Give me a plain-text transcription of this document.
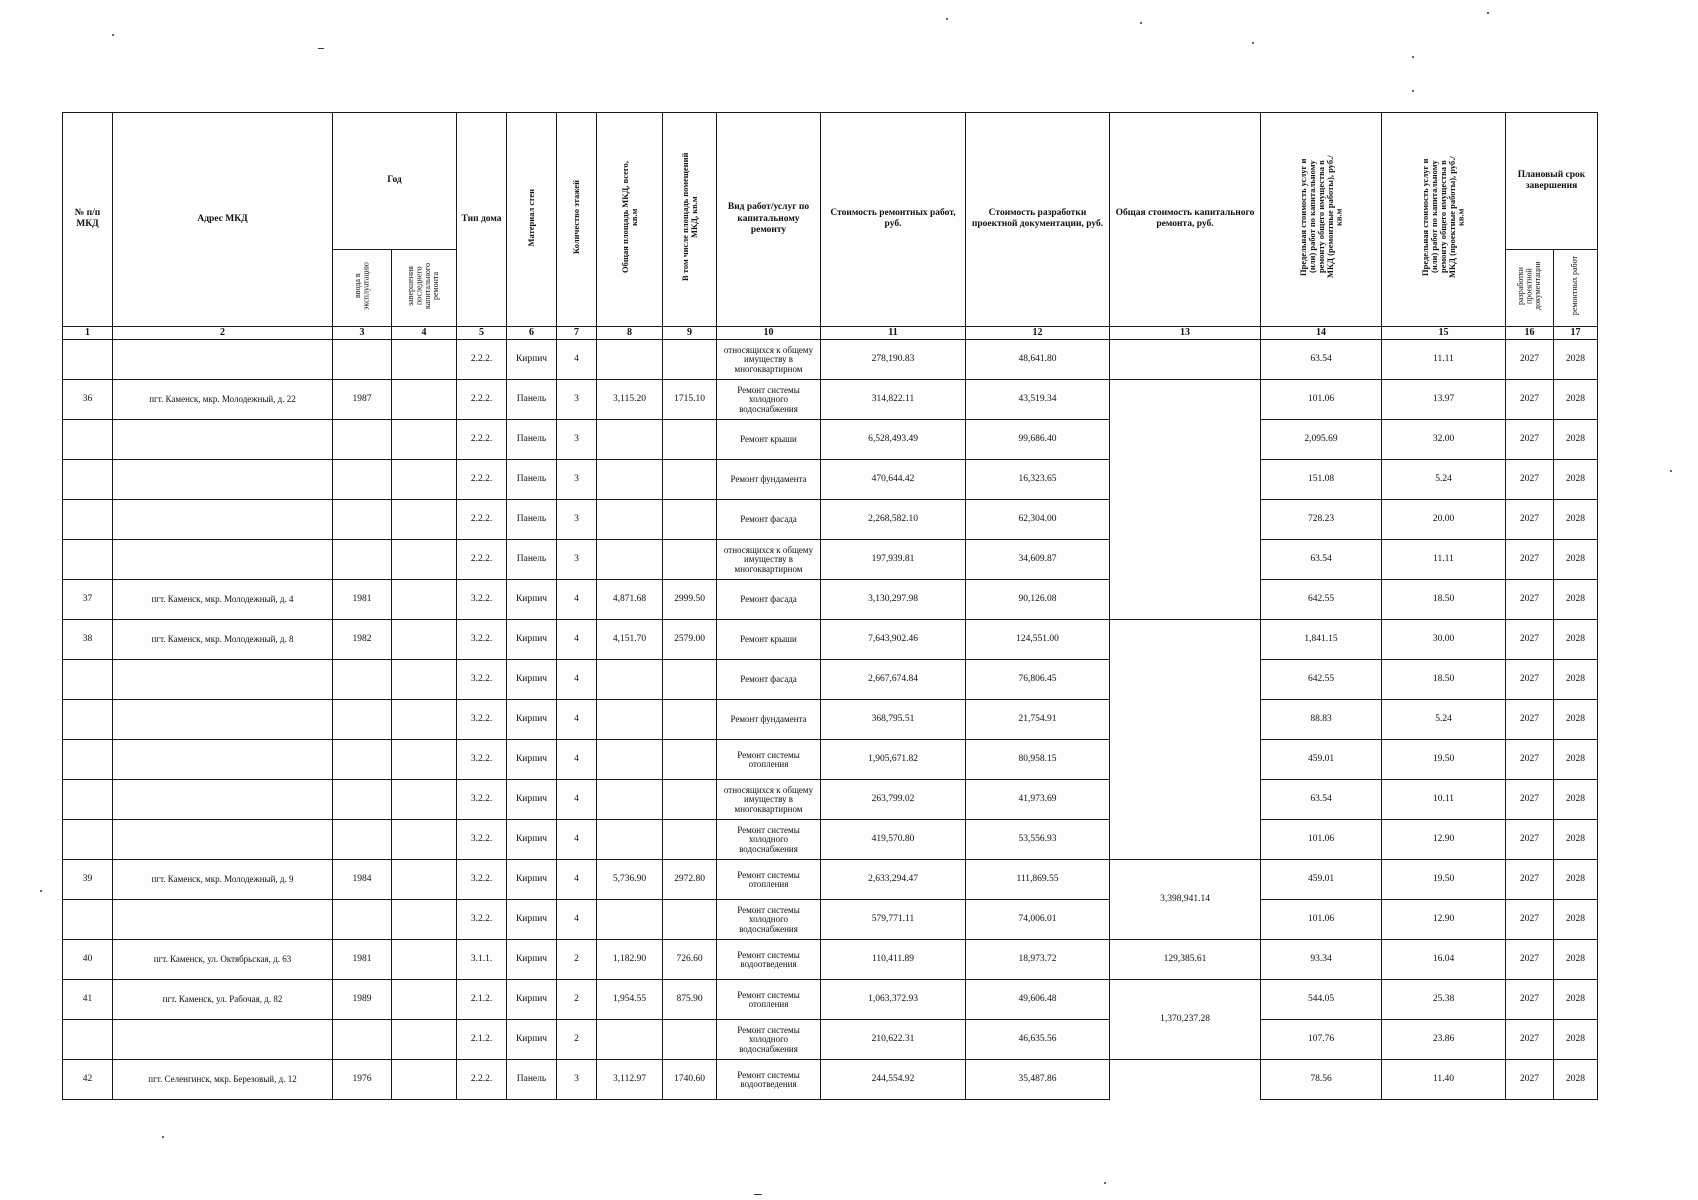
№ п/п МКД	Адрес МКД	Год		Тип дома	Материал стен	Количество этажей	Общая площадь МКД, всего, кв.м	В том числе площадь помещений МКД, кв.м	Вид работ/услуг по капитальному ремонту	Стоимость ремонтных работ, руб.	Стоимость разработки проектной документации, руб.	Общая стоимость капитального ремонта, руб.	Предельная стоимость услуг и (или) работ по капитальному ремонту общего имущества в МКД (ремонтные работы), руб./кв.м	Предельная стоимость услуг и (или) работ по капитальному ремонту общего имущества в МКД (проектные работы), руб./кв.м	Плановый срок завершения	
		ввода в эксплуатацию	завершения последнего капитального ремонта												разработки проектной документации	ремонтных работ
1	2	3	4	5	6	7	8	9	10	11	12	13	14	15	16	17
				2.2.2.	Кирпич	4			относящихся к общему имуществу в многоквартирном	278,190.83	48,641.80		63.54	11.11	2027	2028
36	пгт. Каменск, мкр. Молодежный, д. 22	1987		2.2.2.	Панель	3	3,115.20	1715.10	Ремонт системы холодного водоснабжения	314,822.11	43,519.34		101.06	13.97	2027	2028
				2.2.2.	Панель	3			Ремонт крыши	6,528,493.49	99,686.40		2,095.69	32.00	2027	2028
				2.2.2.	Панель	3			Ремонт фундамента	470,644.42	16,323.65		151.08	5.24	2027	2028
				2.2.2.	Панель	3			Ремонт фасада	2,268,582.10	62,304.00		728.23	20.00	2027	2028
				2.2.2.	Панель	3			относящихся к общему имуществу в многоквартирном	197,939.81	34,609.87		63.54	11.11	2027	2028
37	пгт. Каменск, мкр. Молодежный, д. 4	1981		3.2.2.	Кирпич	4	4,871.68	2999.50	Ремонт фасада	3,130,297.98	90,126.08		642.55	18.50	2027	2028
38	пгт. Каменск, мкр. Молодежный, д. 8	1982		3.2.2.	Кирпич	4	4,151.70	2579.00	Ремонт крыши	7,643,902.46	124,551.00		1,841.15	30.00	2027	2028
				3.2.2.	Кирпич	4			Ремонт фасада	2,667,674.84	76,806.45		642.55	18.50	2027	2028
				3.2.2.	Кирпич	4			Ремонт фундамента	368,795.51	21,754.91		88.83	5.24	2027	2028
				3.2.2.	Кирпич	4			Ремонт системы отопления	1,905,671.82	80,958.15		459.01	19.50	2027	2028
				3.2.2.	Кирпич	4			относящихся к общему имуществу в многоквартирном	263,799.02	41,973.69		63.54	10.11	2027	2028
				3.2.2.	Кирпич	4			Ремонт системы холодного водоснабжения	419,570.80	53,556.93		101.06	12.90	2027	2028
39	пгт. Каменск, мкр. Молодежный, д. 9	1984		3.2.2.	Кирпич	4	5,736.90	2972.80	Ремонт системы отопления	2,633,294.47	111,869.55	3,398,941.14	459.01	19.50	2027	2028
				3.2.2.	Кирпич	4			Ремонт системы холодного водоснабжения	579,771.11	74,006.01		101.06	12.90	2027	2028
40	пгт. Каменск, ул. Октябрьская, д. 63	1981		3.1.1.	Кирпич	2	1,182.90	726.60	Ремонт системы водоотведения	110,411.89	18,973.72	129,385.61	93.34	16.04	2027	2028
41	пгт. Каменск, ул. Рабочая, д. 82	1989		2.1.2.	Кирпич	2	1,954.55	875.90	Ремонт системы отопления	1,063,372.93	49,606.48	1,370,237.28	544.05	25.38	2027	2028
				2.1.2.	Кирпич	2			Ремонт системы холодного водоснабжения	210,622.31	46,635.56		107.76	23.86	2027	2028
42	пгт. Селенгинск, мкр. Березовый, д. 12	1976		2.2.2.	Панель	3	3,112.97	1740.60	Ремонт системы водоотведения	244,554.92	35,487.86		78.56	11.40	2027	2028
